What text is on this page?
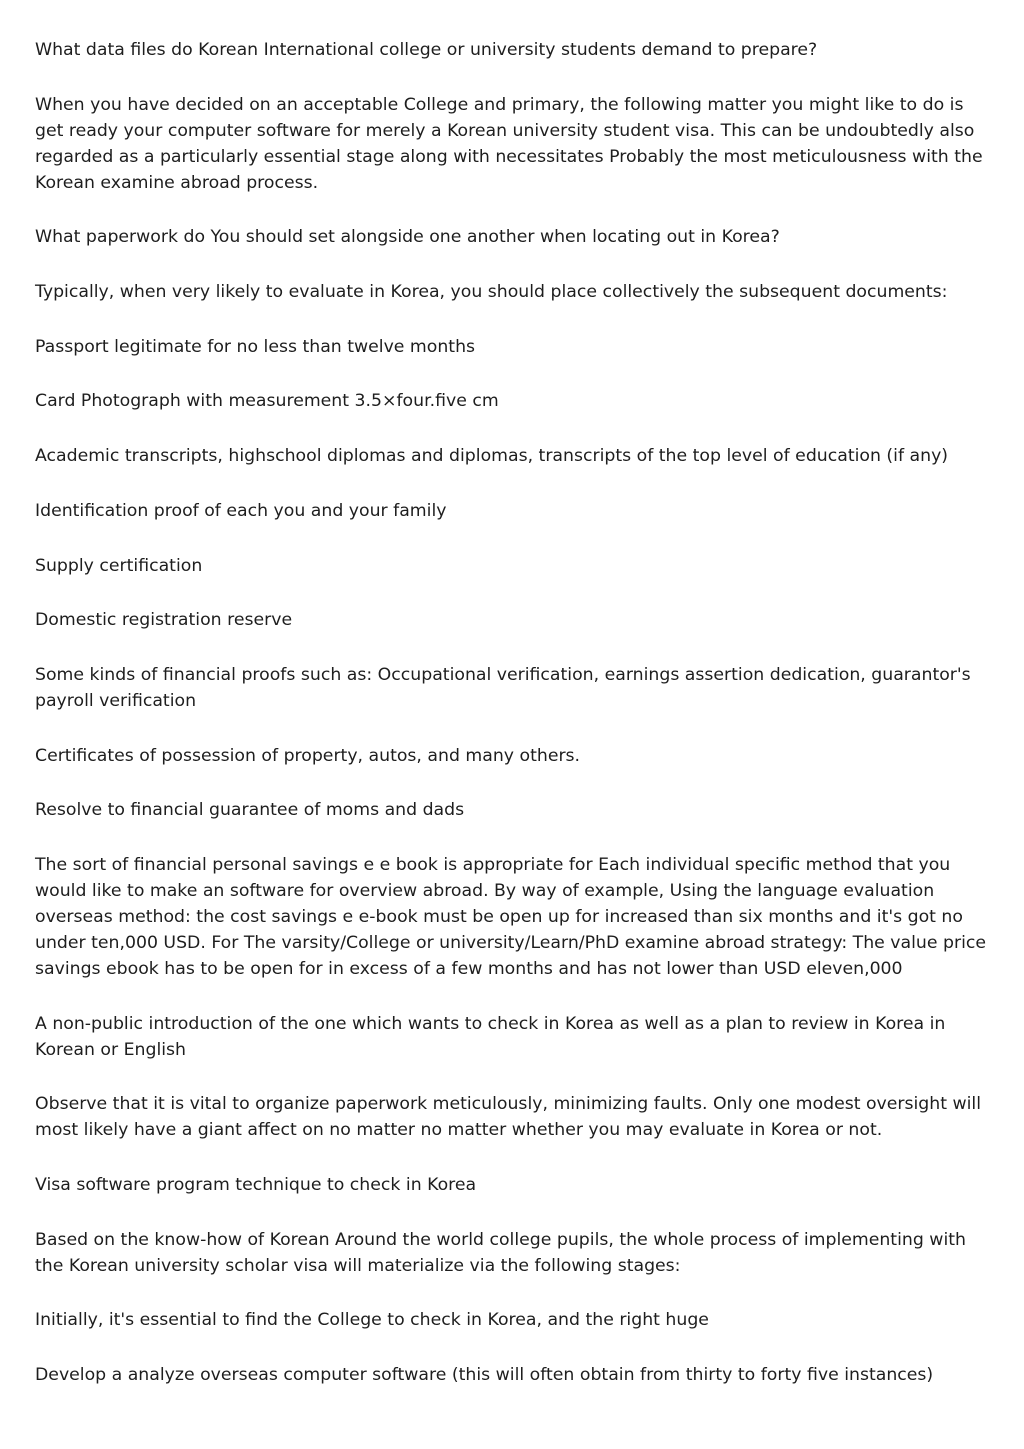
What data files do Korean International college or university students demand to prepare?

When you have decided on an acceptable College and primary, the following matter you might like to do is get ready your computer software for merely a Korean university student visa. This can be undoubtedly also regarded as a particularly essential stage along with necessitates Probably the most meticulousness with the Korean examine abroad process.

What paperwork do You should set alongside one another when locating out in Korea?

Typically, when very likely to evaluate in Korea, you should place collectively the subsequent documents:

Passport legitimate for no less than twelve months

Card Photograph with measurement 3.5×four.five cm

Academic transcripts, highschool diplomas and diplomas, transcripts of the top level of education (if any)

Identification proof of each you and your family

Supply certification

Domestic registration reserve

Some kinds of financial proofs such as: Occupational verification, earnings assertion dedication, guarantor's payroll verification

Certificates of possession of property, autos, and many others.

Resolve to financial guarantee of moms and dads

The sort of financial personal savings e e book is appropriate for Each individual specific method that you would like to make an software for overview abroad. By way of example, Using the language evaluation overseas method: the cost savings e e-book must be open up for increased than six months and it's got no under ten,000 USD. For The varsity/College or university/Learn/PhD examine abroad strategy: The value price savings ebook has to be open for in excess of a few months and has not lower than USD eleven,000

A non-public introduction of the one which wants to check in Korea as well as a plan to review in Korea in Korean or English

Observe that it is vital to organize paperwork meticulously, minimizing faults. Only one modest oversight will most likely have a giant affect on no matter no matter whether you may evaluate in Korea or not.

Visa software program technique to check in Korea

Based on the know-how of Korean Around the world college pupils, the whole process of implementing with the Korean university scholar visa will materialize via the following stages:

Initially, it's essential to find the College to check in Korea, and the right huge

Develop a analyze overseas computer software (this will often obtain from thirty to forty five instances)
